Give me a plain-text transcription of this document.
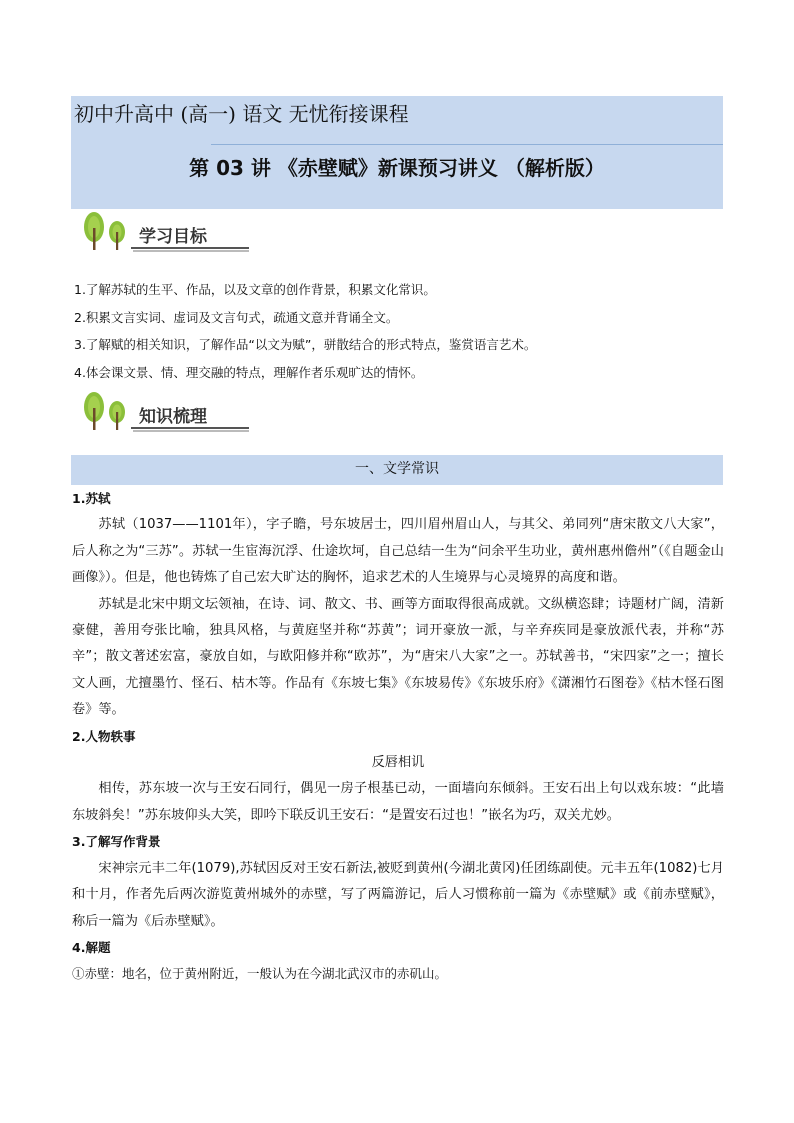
第 03 讲 《赤壁赋》新课预习讲义 （解析版）
初中升高中 (高一) 语文 无忧衔接课程
学习目标
1.了解苏轼的生平、作品，以及文章的创作背景，积累文化常识。
2.积累文言实词、虚词及文言句式，疏通文意并背诵全文。
3.了解赋的相关知识，了解作品“以文为赋”，骈散结合的形式特点，鉴赏语言艺术。
4.体会课文景、情、理交融的特点，理解作者乐观旷达的情怀。
知识梳理
一、文学常识
1.苏轼
苏轼（1037——1101年），字子瞻，号东坡居士，四川眉州眉山人，与其父、弟同列“唐宋散文八大家”，后人称之为“三苏”。苏轼一生宦海沉浮、仕途坎坷，自己总结一生为“问余平生功业，黄州惠州儋州”（《自题金山画像》）。但是，他也铸炼了自己宏大旷达的胸怀，追求艺术的人生境界与心灵境界的高度和谐。
苏轼是北宋中期文坛领袖，在诗、词、散文、书、画等方面取得很高成就。文纵横恣肆；诗题材广阔，清新豪健，善用夸张比喻，独具风格，与黄庭坚并称“苏黄”；词开豪放一派，与辛弃疾同是豪放派代表，并称“苏辛”；散文著述宏富，豪放自如，与欧阳修并称“欧苏”，为“唐宋八大家”之一。苏轼善书，“宋四家”之一；擅长文人画，尤擅墨竹、怪石、枯木等。作品有《东坡七集》《东坡易传》《东坡乐府》《潇湘竹石图卷》《枯木怪石图卷》等。
2.人物轶事
反唇相讥
相传，苏东坡一次与王安石同行，偶见一房子根基已动，一面墙向东倾斜。王安石出上句以戏东坡：“此墙东坡斜矣！”苏东坡仰头大笑，即吟下联反讥王安石：“是置安石过也！”嵌名为巧，双关尤妙。
3.了解写作背景
宋神宗元丰二年(1079),苏轼因反对王安石新法,被贬到黄州(今湖北黄冈)任团练副使。元丰五年(1082)七月和十月，作者先后两次游览黄州城外的赤壁，写了两篇游记，后人习惯称前一篇为《赤壁赋》或《前赤壁赋》，称后一篇为《后赤壁赋》。
4.解题
①赤壁：地名，位于黄州附近，一般认为在今湖北武汉市的赤矶山。
